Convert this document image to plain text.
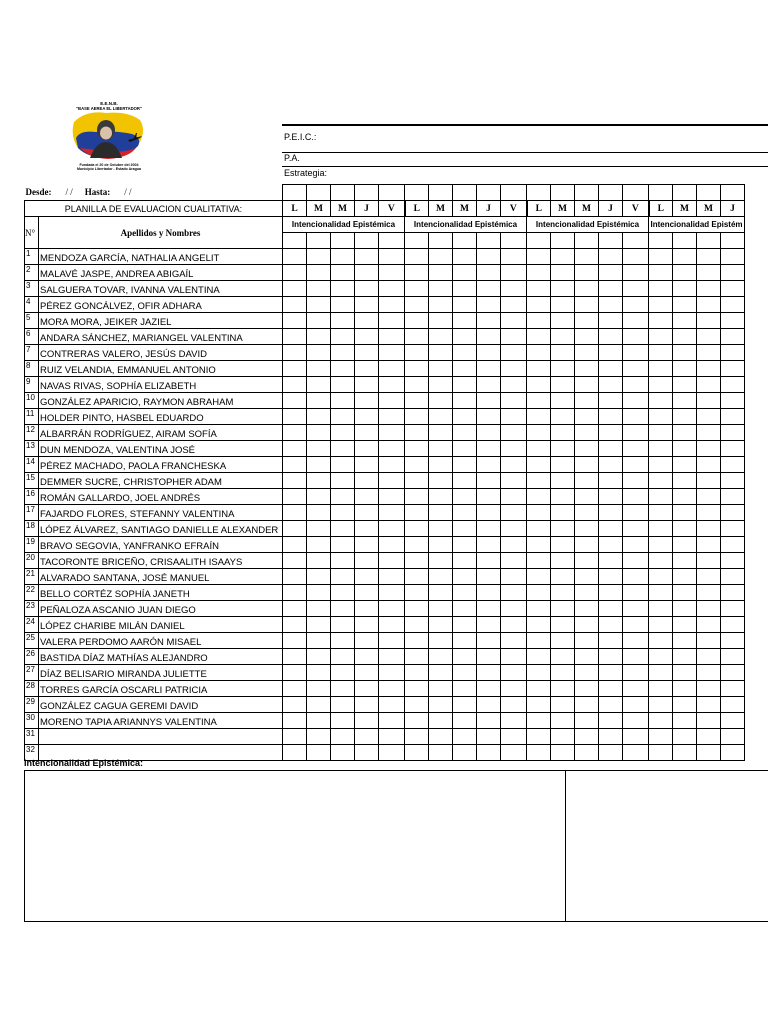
E.E.N.B.
"BASE AEREA EL LIBERTADOR"
Fundada el 20 de Octubre del 2004
Municipio Libertador - Estado Aragua
P.E.I.C.:
P.A.
Estrategia:
Desde: / / Hasta: / /																				
PLANILLA DE EVALUACION CUALITATIVA:		L	M	M	J	V	L	M	M	J	V	L	M	M	J	V	L	M	M	J
N°	Apellidos y Nombres	Intencionalidad Epistémica					Intencionalidad Epistémica					Intencionalidad Epistémica					Intencionalidad Epistém			

1	MENDOZA GARCÍA, NATHALIA ANGELIT																			
2	MALAVÉ JASPE, ANDREA ABIGAÍL																			
3	SALGUERA TOVAR, IVANNA VALENTINA																			
4	PÉREZ GONCÁLVEZ, OFIR ADHARA																			
5	MORA MORA, JEIKER JAZIEL																			
6	ANDARA SÁNCHEZ, MARIANGEL VALENTINA																			
7	CONTRERAS VALERO, JESÚS DAVID																			
8	RUIZ VELANDIA, EMMANUEL ANTONIO																			
9	NAVAS RIVAS, SOPHÍA ELIZABETH																			
10	GONZÁLEZ APARICIO, RAYMON ABRAHAM																			
11	HOLDER PINTO, HASBEL EDUARDO																			
12	ALBARRÁN RODRÍGUEZ, AIRAM SOFÍA																			
13	DUN MENDOZA, VALENTINA JOSÉ																			
14	PÉREZ MACHADO, PAOLA FRANCHESKA																			
15	DEMMER SUCRE, CHRISTOPHER ADAM																			
16	ROMÁN GALLARDO, JOEL ANDRÉS																			
17	FAJARDO FLORES, STEFANNY VALENTINA																			
18	LÓPEZ ÁLVAREZ, SANTIAGO DANIELLE ALEXANDER																			
19	BRAVO SEGOVIA, YANFRANKO EFRAÍN																			
20	TACORONTE BRICEÑO, CRISAALITH ISAAYS																			
21	ALVARADO SANTANA, JOSÉ MANUEL																			
22	BELLO CORTÉZ SOPHÍA JANETH																			
23	PEÑALOZA ASCANIO JUAN DIEGO																			
24	LÓPEZ CHARIBE MILÁN DANIEL																			
25	VALERA PERDOMO AARÓN MISAEL																			
26	BASTIDA DÍAZ MATHÍAS ALEJANDRO																			
27	DÍAZ BELISARIO MIRANDA JULIETTE																			
28	TORRES GARCÍA OSCARLI PATRICIA																			
29	GONZÁLEZ CAGUA GEREMI DAVID																			
30	MORENO TAPIA ARIANNYS VALENTINA																			
31																				
32																				
Intencionalidad Epistémica:
